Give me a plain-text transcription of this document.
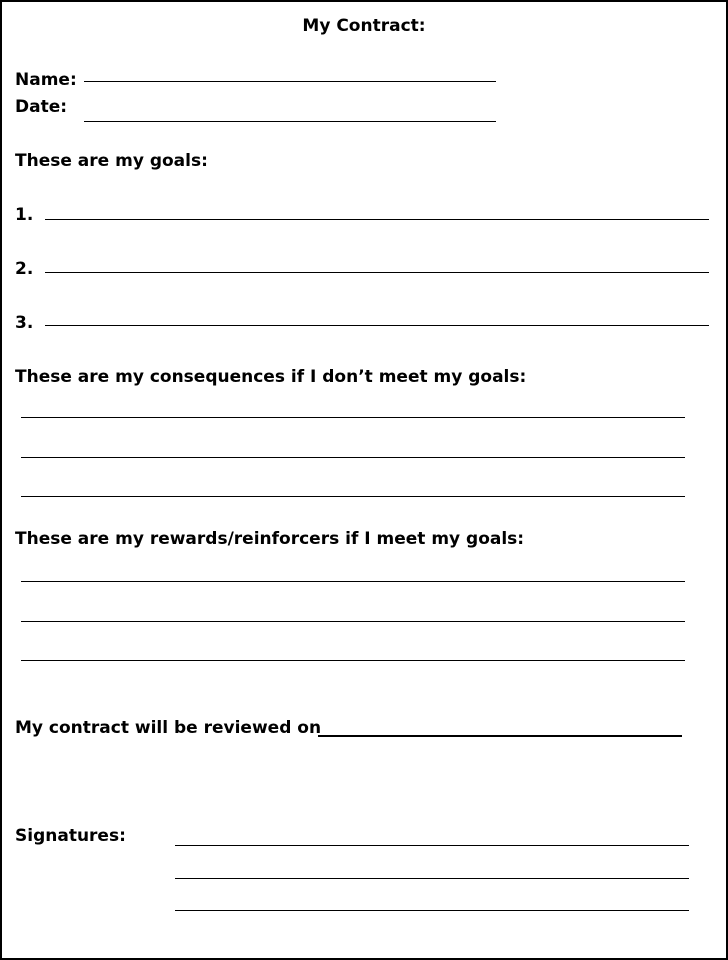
My Contract:
Name:
Date:
These are my goals:
1.
2.
3.
These are my consequences if I don’t meet my goals:
These are my rewards/reinforcers if I meet my goals:
My contract will be reviewed on
Signatures:
